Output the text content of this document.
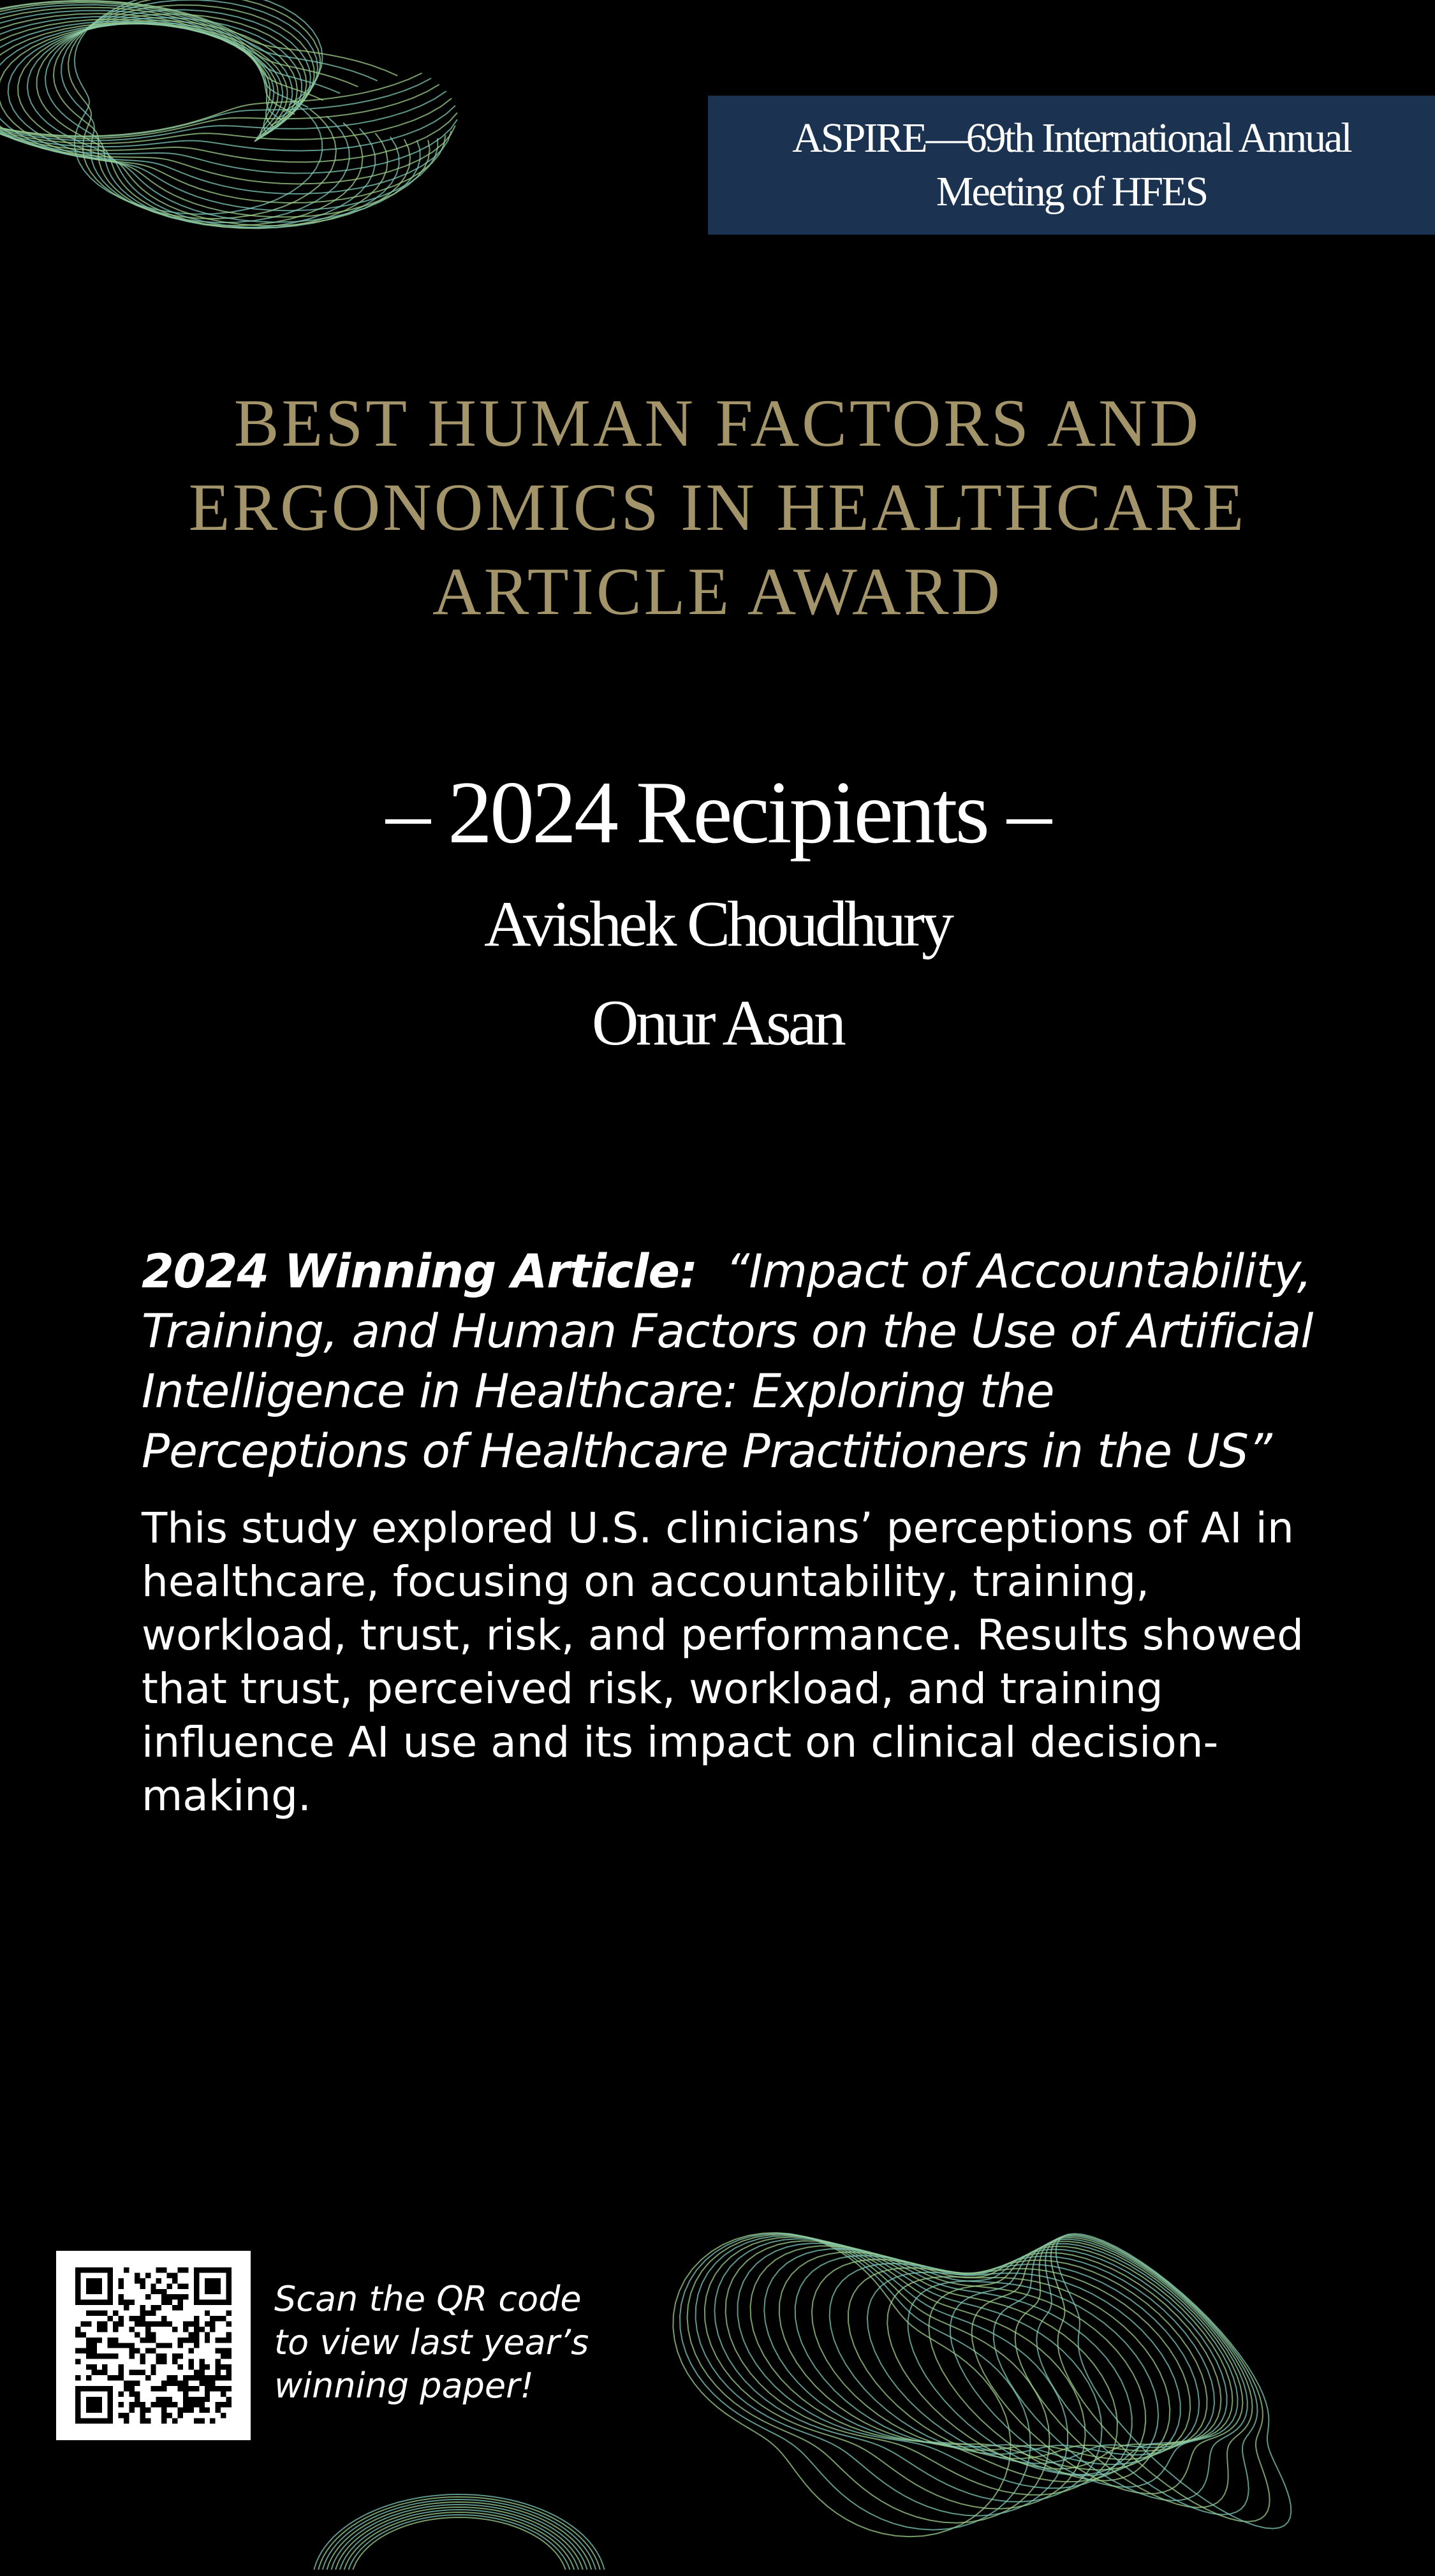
ASPIRE—69th International Annual Meeting of HFES
BEST HUMAN FACTORS AND ERGONOMICS IN HEALTHCARE ARTICLE AWARD
– 2024 Recipients –
Avishek Choudhury
Onur Asan
2024 Winning Article: “Impact of Accountability, Training, and Human Factors on the Use of Artificial Intelligence in Healthcare: Exploring the Perceptions of Healthcare Practitioners in the US”
This study explored U.S. clinicians’ perceptions of AI in healthcare, focusing on accountability, training, workload, trust, risk, and performance. Results showed that trust, perceived risk, workload, and training influence AI use and its impact on clinical decision-making.
Scan the QR code to view last year’s winning paper!
